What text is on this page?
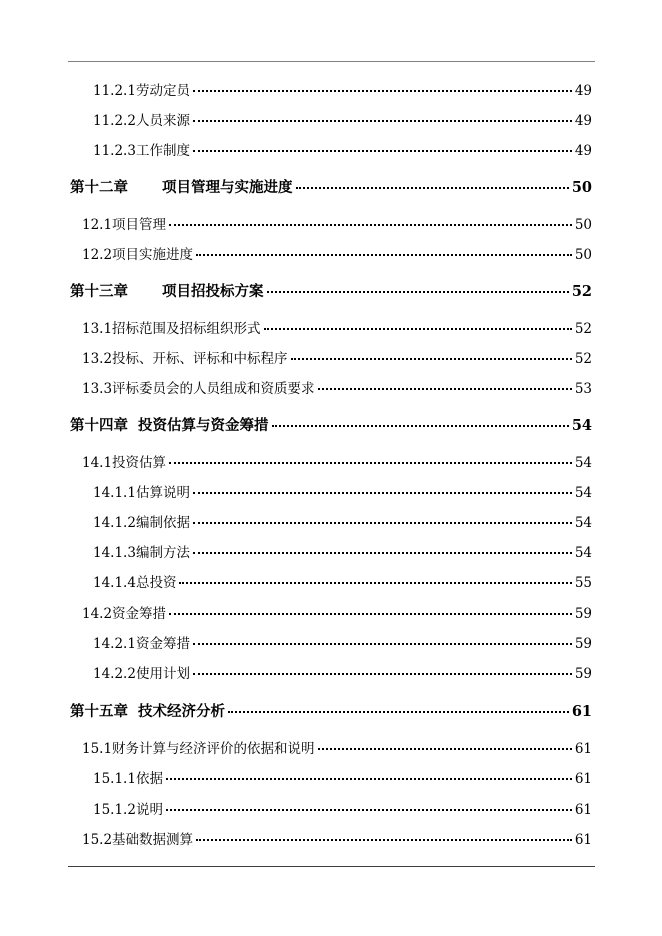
11.2.1劳动定员	49
11.2.2人员来源	49
11.2.3工作制度	49
第十二章 项目管理与实施进度	50
12.1项目管理	50
12.2项目实施进度	50
第十三章 项目招投标方案	52
13.1招标范围及招标组织形式	52
13.2投标、开标、评标和中标程序	52
13.3评标委员会的人员组成和资质要求	53
第十四章 投资估算与资金筹措	54
14.1投资估算	54
14.1.1估算说明	54
14.1.2编制依据	54
14.1.3编制方法	54
14.1.4总投资	55
14.2资金筹措	59
14.2.1资金筹措	59
14.2.2使用计划	59
第十五章 技术经济分析	61
15.1财务计算与经济评价的依据和说明	61
15.1.1依据	61
15.1.2说明	61
15.2基础数据测算	61
